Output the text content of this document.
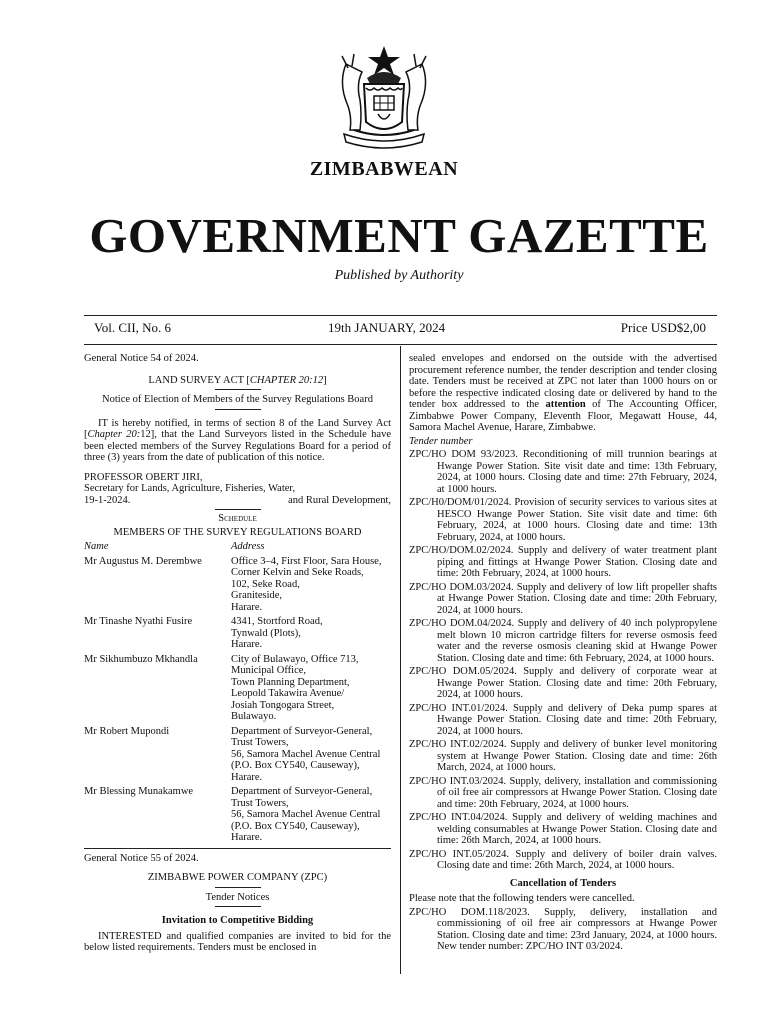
ZIMBABWEAN
GOVERNMENT GAZETTE
Published by Authority
Vol. CII, No. 6	19th JANUARY, 2024	Price USD$2,00

General Notice 54 of 2024.

LAND SURVEY ACT [CHAPTER 20:12]

Notice of Election of Members of the Survey Regulations Board

IT is hereby notified, in terms of section 8 of the Land Survey Act [Chapter 20:12], that the Land Surveyors listed in the Schedule have been elected members of the Survey Regulations Board for a period of three (3) years from the date of publication of this notice.

PROFESSOR OBERT JIRI,

Secretary for Lands, Agriculture, Fisheries, Water,

19-1-2024.	and Rural Development,

Schedule

MEMBERS OF THE SURVEY REGULATIONS BOARD

Name	Address
Mr Augustus M. Derembwe	Office 3–4, First Floor, Sara House,
Corner Kelvin and Seke Roads,
102, Seke Road,
Graniteside,
Harare.
Mr Tinashe Nyathi Fusire	4341, Stortford Road,
Tynwald (Plots),
Harare.
Mr Sikhumbuzo Mkhandla	City of Bulawayo, Office 713,
Municipal Office,
Town Planning Department,
Leopold Takawira Avenue/
Josiah Tongogara Street,
Bulawayo.
Mr Robert Mupondi	Department of Surveyor-General,
Trust Towers,
56, Samora Machel Avenue Central
(P.O. Box CY540, Causeway),
Harare.
Mr Blessing Munakamwe	Department of Surveyor-General,
Trust Towers,
56, Samora Machel Avenue Central
(P.O. Box CY540, Causeway),
Harare.

General Notice 55 of 2024.

ZIMBABWE POWER COMPANY (ZPC)

Tender Notices

Invitation to Competitive Bidding

INTERESTED and qualified companies are invited to bid for the below listed requirements. Tenders must be enclosed in

sealed envelopes and endorsed on the outside with the advertised procurement reference number, the tender description and tender closing date. Tenders must be received at ZPC not later than 1000 hours on or before the respective indicated closing date or delivered by hand to the tender box addressed to the attention of The Accounting Officer, Zimbabwe Power Company, Eleventh Floor, Megawatt House, 44, Samora Machel Avenue, Harare, Zimbabwe.

Tender number

ZPC/HO DOM 93/2023. Reconditioning of mill trunnion bearings at Hwange Power Station. Site visit date and time: 13th February, 2024, at 1000 hours. Closing date and time: 27th February, 2024, at 1000 hours.

ZPC/H0/DOM/01/2024. Provision of security services to various sites at HESCO Hwange Power Station. Site visit date and time: 6th February, 2024, at 1000 hours. Closing date and time: 13th February, 2024, at 1000 hours.

ZPC/HO/DOM.02/2024. Supply and delivery of water treatment plant piping and fittings at Hwange Power Station. Closing date and time: 20th February, 2024, at 1000 hours.

ZPC/HO DOM.03/2024. Supply and delivery of low lift propeller shafts at Hwange Power Station. Closing date and time: 20th February, 2024, at 1000 hours.

ZPC/HO DOM.04/2024. Supply and delivery of 40 inch polypropylene melt blown 10 micron cartridge filters for reverse osmosis feed water and the reverse osmosis cleaning skid at Hwange Power Station. Closing date and time: 6th February, 2024, at 1000 hours.

ZPC/HO DOM.05/2024. Supply and delivery of corporate wear at Hwange Power Station. Closing date and time: 20th February, 2024, at 1000 hours.

ZPC/HO INT.01/2024. Supply and delivery of Deka pump spares at Hwange Power Station. Closing date and time: 20th February, 2024, at 1000 hours.

ZPC/HO INT.02/2024. Supply and delivery of bunker level monitoring system at Hwange Power Station. Closing date and time: 26th March, 2024, at 1000 hours.

ZPC/HO INT.03/2024. Supply, delivery, installation and commissioning of oil free air compressors at Hwange Power Station. Closing date and time: 20th February, 2024, at 1000 hours.

ZPC/HO INT.04/2024. Supply and delivery of welding machines and welding consumables at Hwange Power Station. Closing date and time: 26th March, 2024, at 1000 hours.

ZPC/HO INT.05/2024. Supply and delivery of boiler drain valves. Closing date and time: 26th March, 2024, at 1000 hours.

Cancellation of Tenders

Please note that the following tenders were cancelled.

ZPC/HO DOM.118/2023. Supply, delivery, installation and commissioning of oil free air compressors at Hwange Power Station. Closing date and time: 23rd January, 2024, at 1000 hours. New tender number: ZPC/HO INT 03/2024.
